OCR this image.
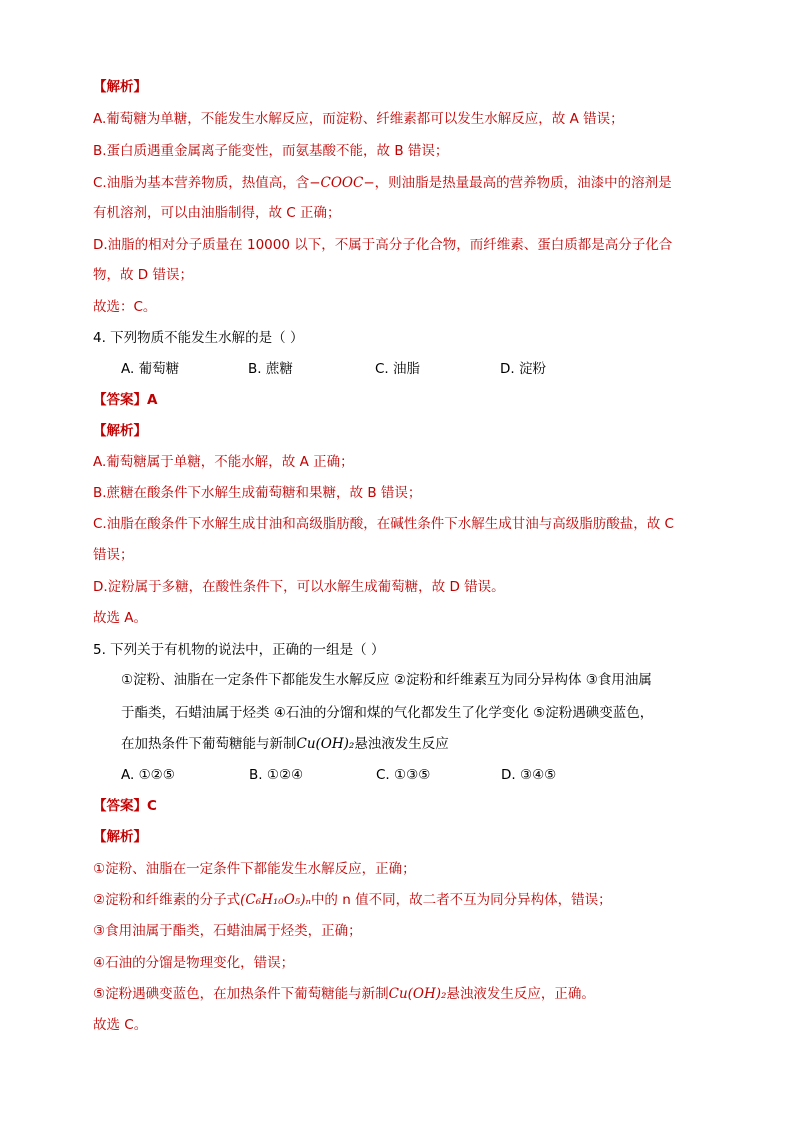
【解析】
A.葡萄糖为单糖，不能发生水解反应，而淀粉、纤维素都可以发生水解反应，故 A 错误；
B.蛋白质遇重金属离子能变性，而氨基酸不能，故 B 错误；
C.油脂为基本营养物质，热值高，含−COOC−，则油脂是热量最高的营养物质，油漆中的溶剂是
有机溶剂，可以由油脂制得，故 C 正确；
D.油脂的相对分子质量在 10000 以下，不属于高分子化合物，而纤维素、蛋白质都是高分子化合
物，故 D 错误；
故选：C。
4. 下列物质不能发生水解的是（ ）
A. 葡萄糖	B. 蔗糖	C. 油脂	D. 淀粉
【答案】A
【解析】
A.葡萄糖属于单糖，不能水解，故 A 正确；
B.蔗糖在酸条件下水解生成葡萄糖和果糖，故 B 错误；
C.油脂在酸条件下水解生成甘油和高级脂肪酸，在碱性条件下水解生成甘油与高级脂肪酸盐，故 C
错误；
D.淀粉属于多糖，在酸性条件下，可以水解生成葡萄糖，故 D 错误。
故选 A。
5. 下列关于有机物的说法中，正确的一组是（ ）
①淀粉、油脂在一定条件下都能发生水解反应 ②淀粉和纤维素互为同分异构体 ③食用油属
于酯类，石蜡油属于烃类 ④石油的分馏和煤的气化都发生了化学变化 ⑤淀粉遇碘变蓝色，
在加热条件下葡萄糖能与新制Cu(OH)₂悬浊液发生反应
A. ①②⑤	B. ①②④	C. ①③⑤	D. ③④⑤
【答案】C
【解析】
①淀粉、油脂在一定条件下都能发生水解反应，正确；
②淀粉和纤维素的分子式(C₆H₁₀O₅)ₙ中的 n 值不同，故二者不互为同分异构体，错误；
③食用油属于酯类，石蜡油属于烃类，正确；
④石油的分馏是物理变化，错误；
⑤淀粉遇碘变蓝色，在加热条件下葡萄糖能与新制Cu(OH)₂悬浊液发生反应，正确。
故选 C。
